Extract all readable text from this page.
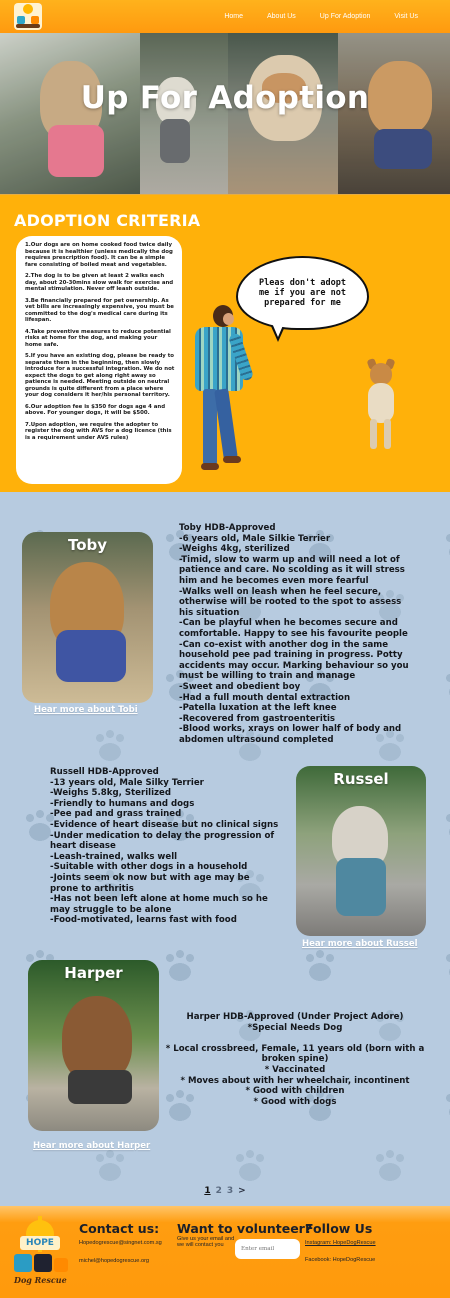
Home	About Us	Up For Adoption	Visit Us
Up For Adoption
ADOPTION CRITERIA

1.Our dogs are on home cooked food twice daily because it is healthier (unless medically the dog requires prescription food). It can be a simple fare consisting of boiled meat and vegetables.

2.The dog is to be given at least 2 walks each day, about 20-30mins slow walk for exercise and mental stimulation. Never off leash outside.

3.Be financially prepared for pet ownership. As vet bills are increasingly expensive, you must be committed to the dog's medical care during its lifespan.

4.Take preventive measures to reduce potential risks at home for the dog, and making your home safe.

5.If you have an existing dog, please be ready to separate them in the beginning, then slowly introduce for a successful integration. We do not expect the dogs to get along right away so patience is needed. Meeting outside on neutral grounds is quite different from a place where your dog considers it her/his personal territory.

6.Our adoption fee is $350 for dogs age 4 and above. For younger dogs, it will be $500.

7.Upon adoption, we require the adopter to register the dog with AVS for a dog licence (this is a requirement under AVS rules)

Pleas don't adopt me if you are not prepared for me
Toby
Hear more about Tobi
Toby HDB-Approved
-6 years old, Male Silkie Terrier
-Weighs 4kg, sterilized
-Timid, slow to warm up and will need a lot of patience and care. No scolding as it will stress him and he becomes even more fearful
-Walks well on leash when he feel secure, otherwise will be rooted to the spot to assess his situation
-Can be playful when he becomes secure and comfortable. Happy to see his favourite people
-Can co-exist with another dog in the same household pee pad training in progress. Potty accidents may occur. Marking behaviour so you must be willing to train and manage
-Sweet and obedient boy
-Had a full mouth dental extraction
-Patella luxation at the left knee
-Recovered from gastroenteritis
-Blood works, xrays on lower half of body and abdomen ultrasound completed
Russell HDB-Approved
-13 years old, Male Silky Terrier
-Weighs 5.8kg, Sterilized
-Friendly to humans and dogs
-Pee pad and grass trained
-Evidence of heart disease but no clinical signs
-Under medication to delay the progression of heart disease
-Leash-trained, walks well
-Suitable with other dogs in a household
-Joints seem ok now but with age may be prone to arthritis
-Has not been left alone at home much so he may struggle to be alone
-Food-motivated, learns fast with food
Russel
Hear more about Russel
Harper
Hear more about Harper
Harper HDB-Approved (Under Project Adore)
*Special Needs Dog
* Local crossbreed, Female, 11 years old (born with a broken spine)
* Vaccinated
* Moves about with her wheelchair, incontinent
* Good with children
* Good with dogs
1 2 3 >
HOPE
Dog Rescue
Contact us:
Hopedogrescue@singnet.com.sg
michel@hopedogrescue.org
Want to volunteer?
Give us your email and we will contact you
Enter email
Follow Us
Instagram: HopeDogRescue
Facebook: HopeDogRescue
